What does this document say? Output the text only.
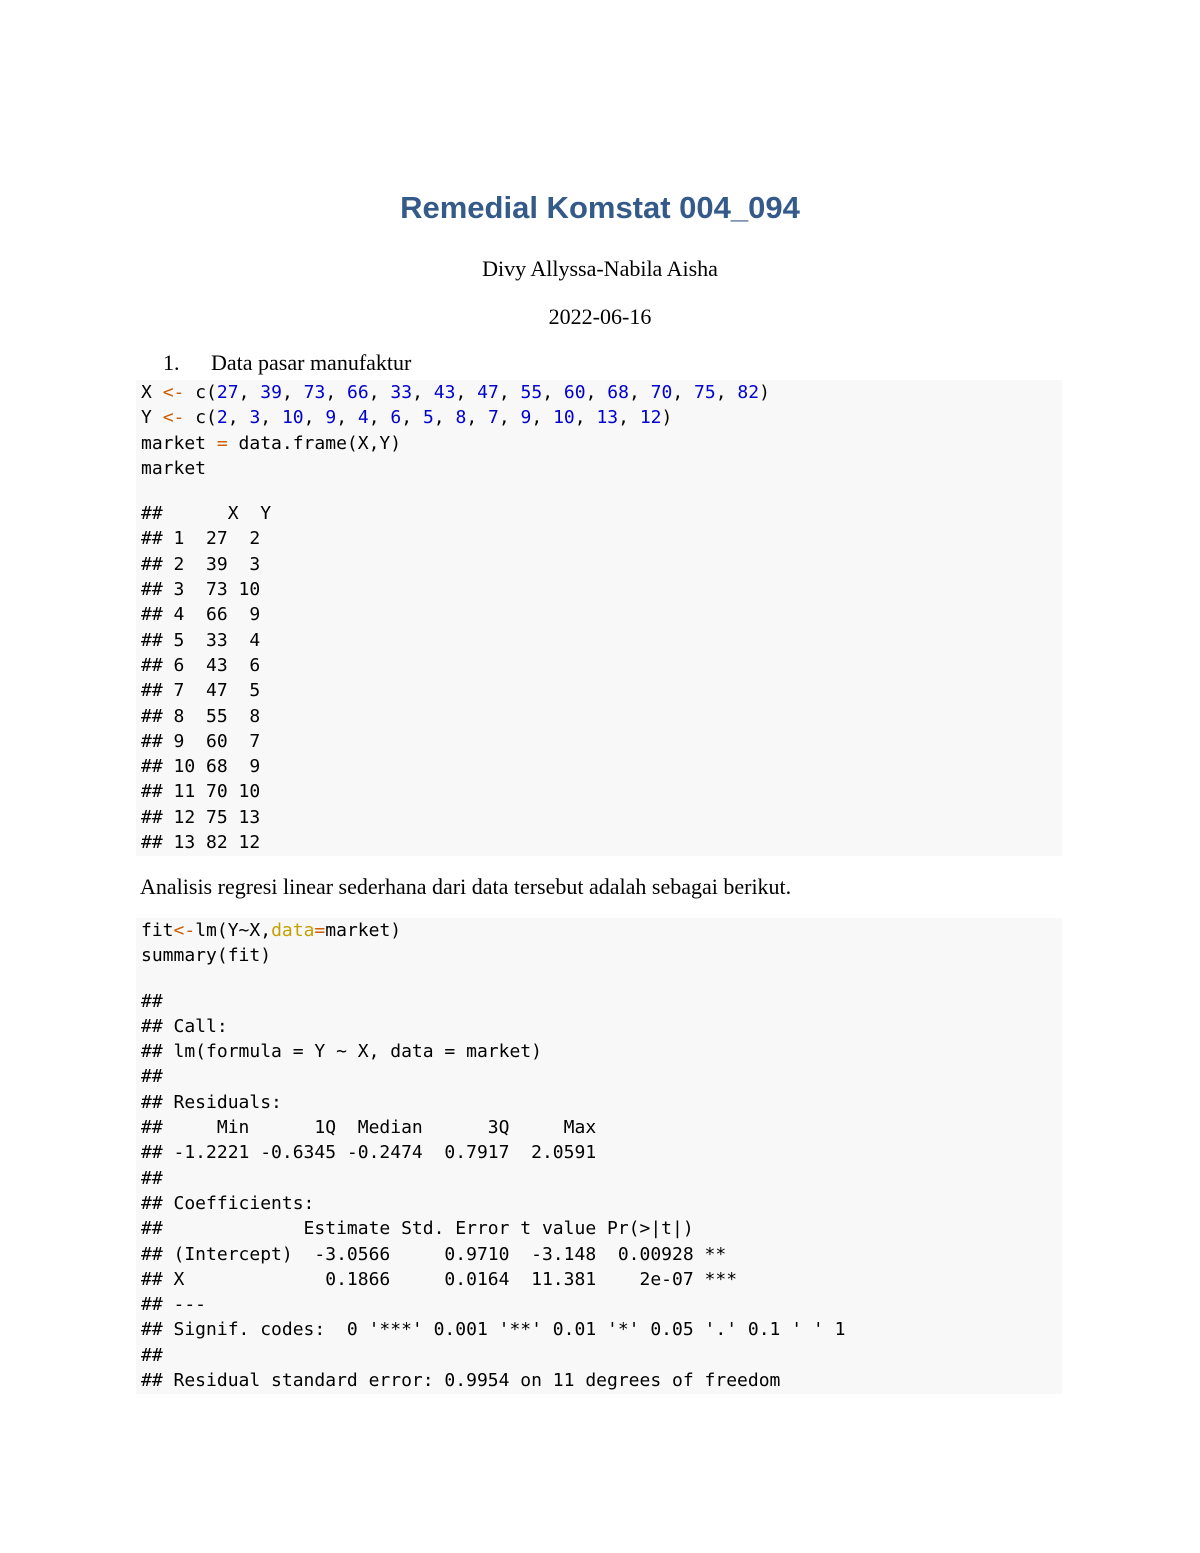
Remedial Komstat 004_094
Divy Allyssa-Nabila Aisha
2022-06-16
1. Data pasar manufaktur
X <- c(27, 39, 73, 66, 33, 43, 47, 55, 60, 68, 70, 75, 82)
Y <- c(2, 3, 10, 9, 4, 6, 5, 8, 7, 9, 10, 13, 12)
market = data.frame(X,Y)
market
##      X  Y
## 1  27  2
## 2  39  3
## 3  73 10
## 4  66  9
## 5  33  4
## 6  43  6
## 7  47  5
## 8  55  8
## 9  60  7
## 10 68  9
## 11 70 10
## 12 75 13
## 13 82 12
Analisis regresi linear sederhana dari data tersebut adalah sebagai berikut.
fit<-lm(Y~X,data=market)
summary(fit)
##
## Call:
## lm(formula = Y ~ X, data = market)
##
## Residuals:
##     Min      1Q  Median      3Q     Max
## -1.2221 -0.6345 -0.2474  0.7917  2.0591
##
## Coefficients:
##             Estimate Std. Error t value Pr(>|t|)
## (Intercept)  -3.0566     0.9710  -3.148  0.00928 **
## X             0.1866     0.0164  11.381    2e-07 ***
## ---
## Signif. codes:  0 '***' 0.001 '**' 0.01 '*' 0.05 '.' 0.1 ' ' 1
##
## Residual standard error: 0.9954 on 11 degrees of freedom
